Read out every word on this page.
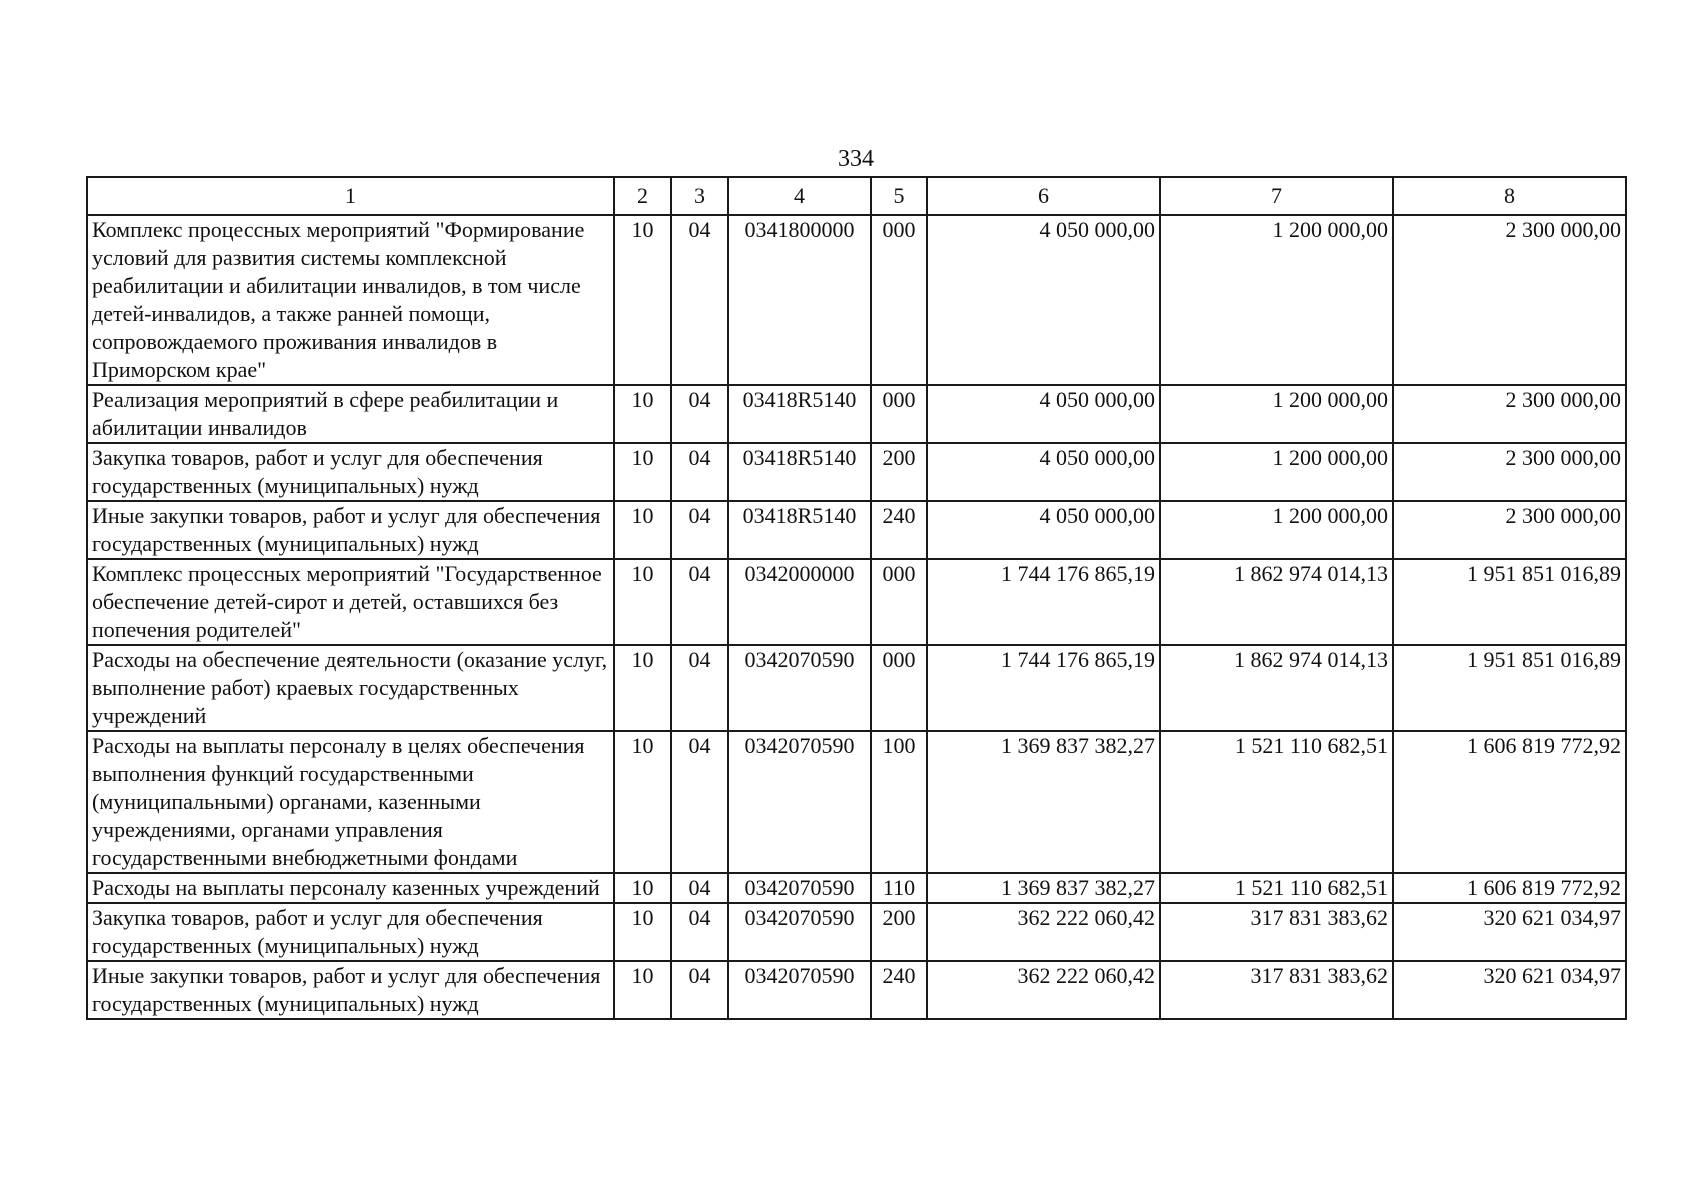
334
1	2	3	4	5	6	7	8
Комплекс процессных мероприятий "Формирование условий для развития системы комплексной реабилитации и абилитации инвалидов, в том числе детей-инвалидов, а также ранней помощи, сопровождаемого проживания инвалидов в Приморском крае"	10	04	0341800000	000	4 050 000,00	1 200 000,00	2 300 000,00
Реализация мероприятий в сфере реабилитации и абилитации инвалидов	10	04	03418R5140	000	4 050 000,00	1 200 000,00	2 300 000,00
Закупка товаров, работ и услуг для обеспечения государственных (муниципальных) нужд	10	04	03418R5140	200	4 050 000,00	1 200 000,00	2 300 000,00
Иные закупки товаров, работ и услуг для обеспечения государственных (муниципальных) нужд	10	04	03418R5140	240	4 050 000,00	1 200 000,00	2 300 000,00
Комплекс процессных мероприятий "Государственное обеспечение детей-сирот и детей, оставшихся без попечения родителей"	10	04	0342000000	000	1 744 176 865,19	1 862 974 014,13	1 951 851 016,89
Расходы на обеспечение деятельности (оказание услуг, выполнение работ) краевых государственных учреждений	10	04	0342070590	000	1 744 176 865,19	1 862 974 014,13	1 951 851 016,89
Расходы на выплаты персоналу в целях обеспечения выполнения функций государственными (муниципальными) органами, казенными учреждениями, органами управления государственными внебюджетными фондами	10	04	0342070590	100	1 369 837 382,27	1 521 110 682,51	1 606 819 772,92
Расходы на выплаты персоналу казенных учреждений	10	04	0342070590	110	1 369 837 382,27	1 521 110 682,51	1 606 819 772,92
Закупка товаров, работ и услуг для обеспечения государственных (муниципальных) нужд	10	04	0342070590	200	362 222 060,42	317 831 383,62	320 621 034,97
Иные закупки товаров, работ и услуг для обеспечения государственных (муниципальных) нужд	10	04	0342070590	240	362 222 060,42	317 831 383,62	320 621 034,97
